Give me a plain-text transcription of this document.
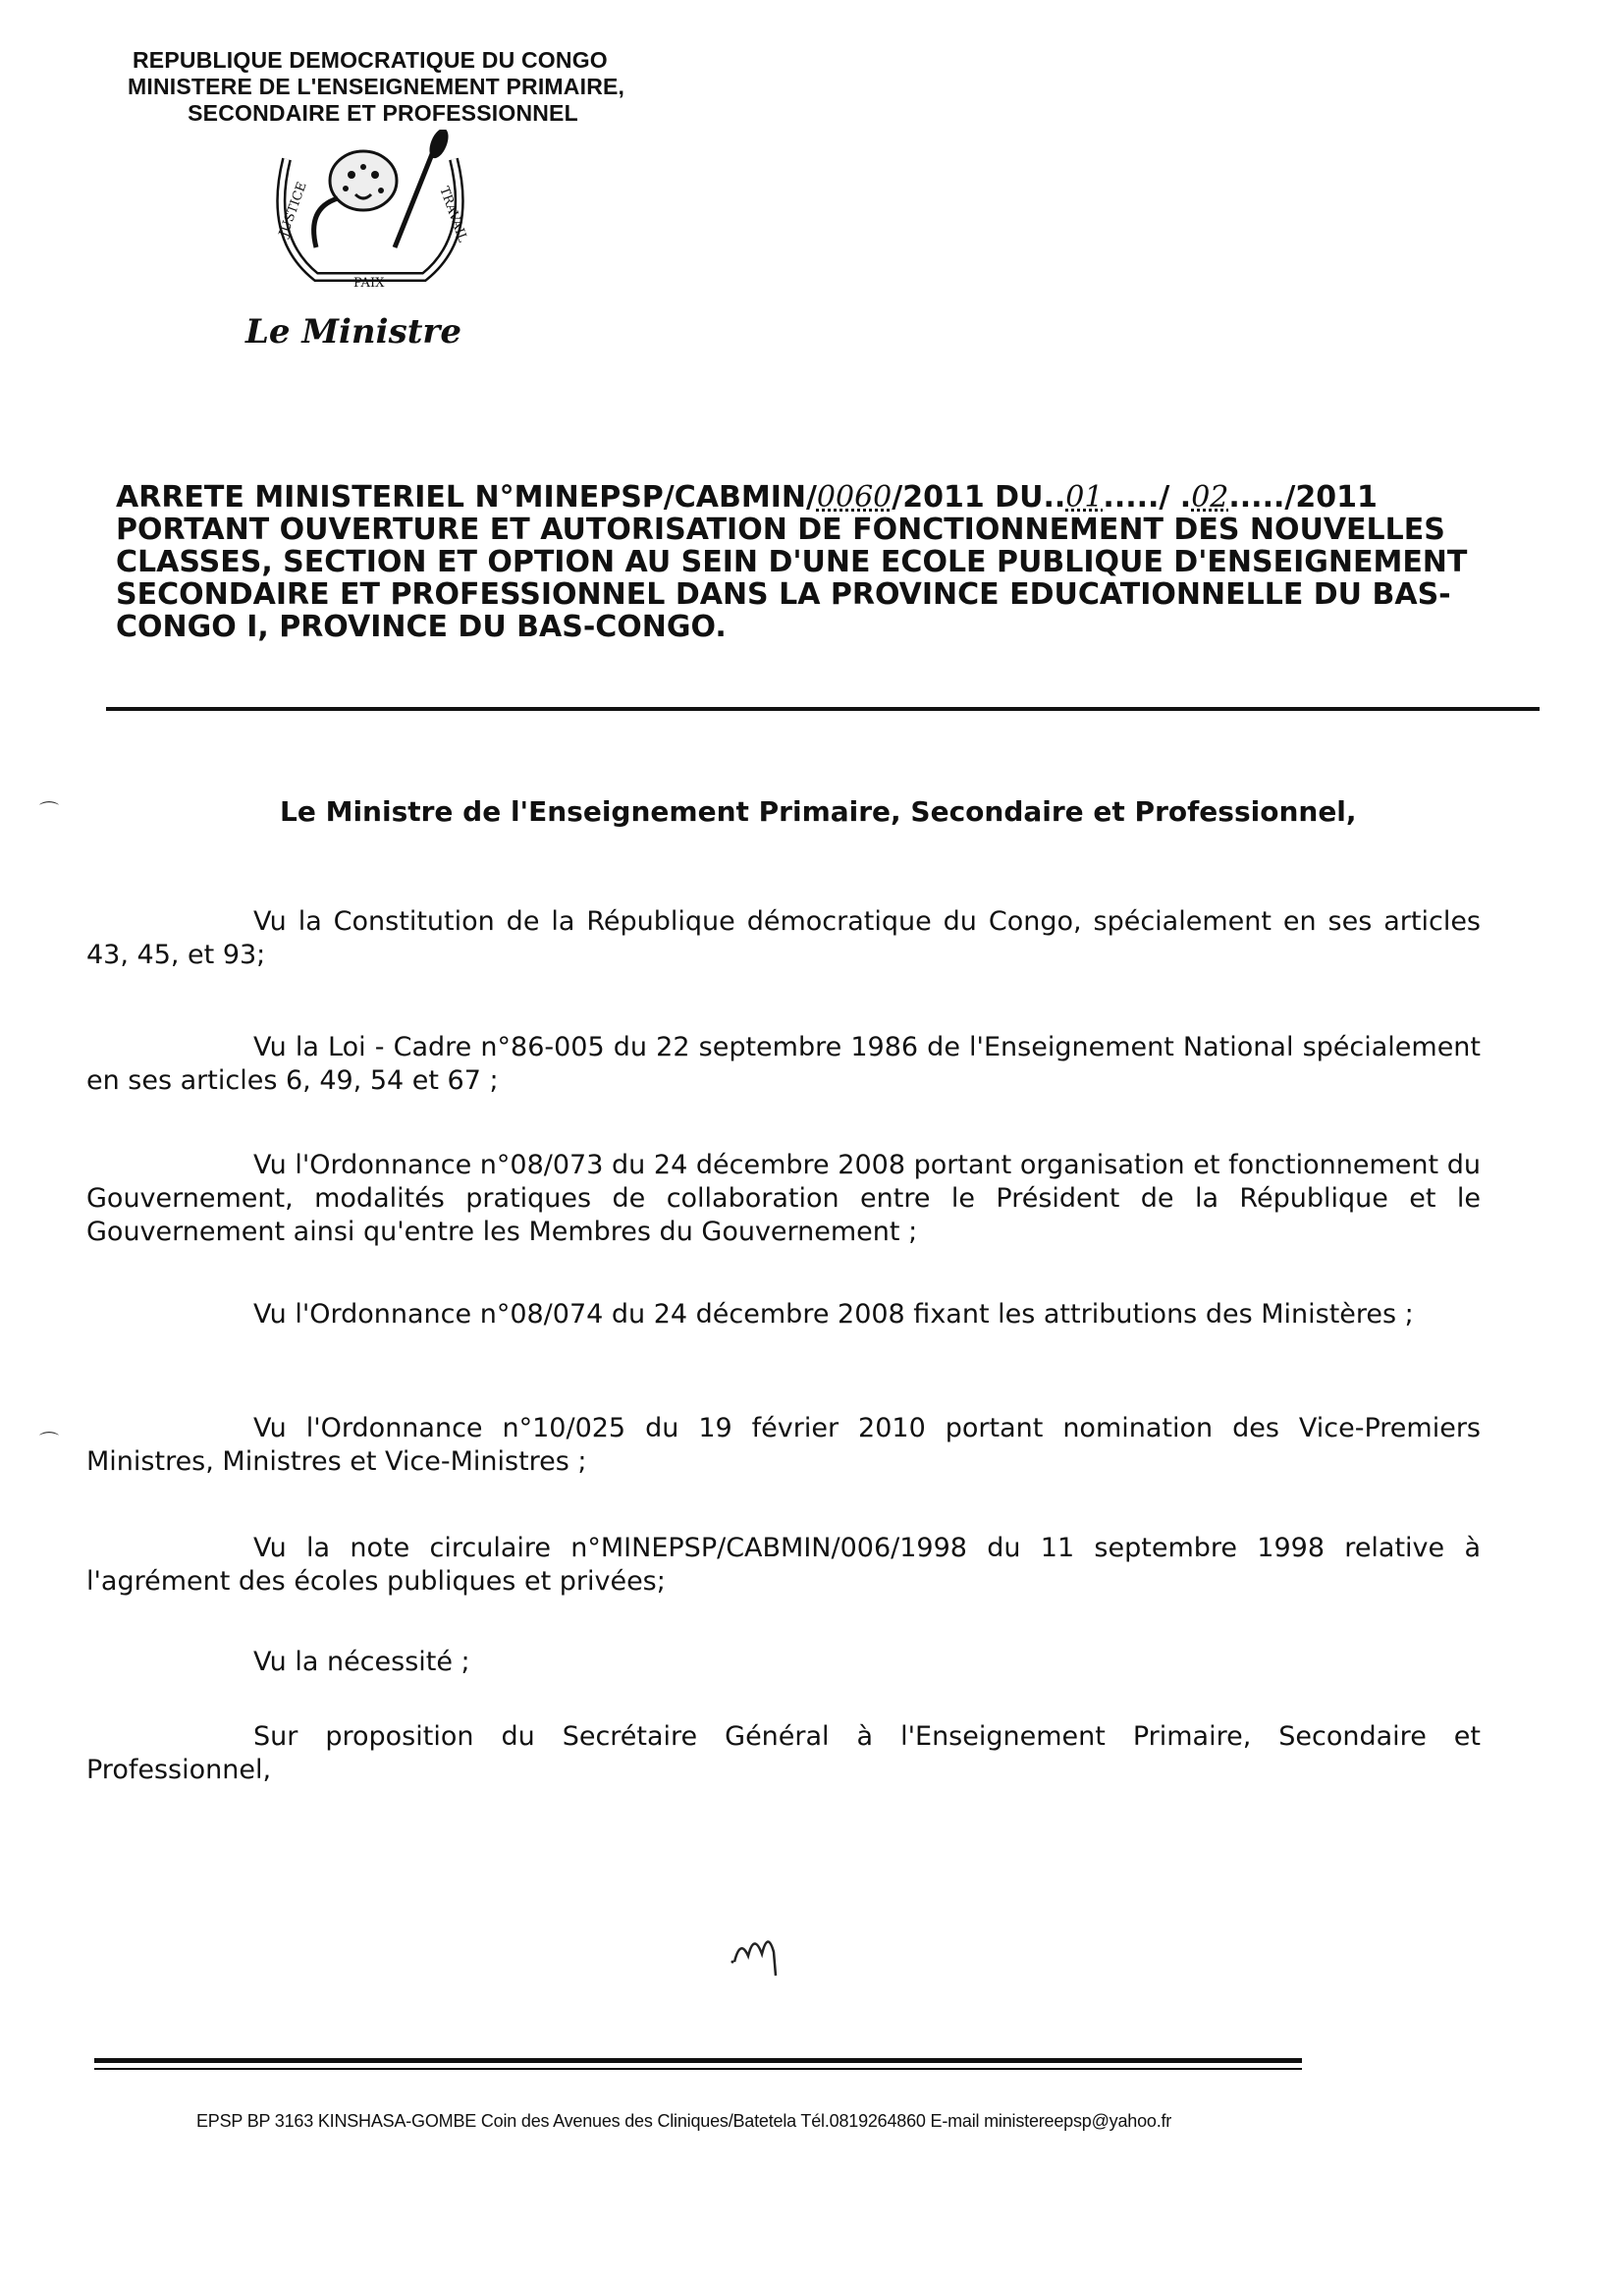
REPUBLIQUE DEMOCRATIQUE DU CONGO
MINISTERE DE L'ENSEIGNEMENT PRIMAIRE,
SECONDAIRE ET PROFESSIONNEL
JUSTICE	TRAVAIL
PAIX
Le Ministre
ARRETE MINISTERIEL N°MINEPSP/CABMIN/0060/2011 DU..01...../ .02...../2011
PORTANT OUVERTURE ET AUTORISATION DE FONCTIONNEMENT DES NOUVELLES
CLASSES, SECTION ET OPTION AU SEIN D'UNE ECOLE PUBLIQUE D'ENSEIGNEMENT
SECONDAIRE ET PROFESSIONNEL DANS LA PROVINCE EDUCATIONNELLE DU BAS-
CONGO I, PROVINCE DU BAS-CONGO.
⌒
⌒
Le Ministre de l'Enseignement Primaire, Secondaire et Professionnel,
Vu la Constitution de la République démocratique du Congo, spécialement en ses articles 43, 45, et 93;
Vu la Loi - Cadre n°86-005 du 22 septembre 1986 de l'Enseignement National spécialement en ses articles 6, 49, 54 et 67 ;
Vu l'Ordonnance n°08/073 du 24 décembre 2008 portant organisation et fonctionnement du Gouvernement, modalités pratiques de collaboration entre le Président de la République et le Gouvernement ainsi qu'entre les Membres du Gouvernement ;
Vu l'Ordonnance n°08/074 du 24 décembre 2008 fixant les attributions des Ministères ;
Vu l'Ordonnance n°10/025 du 19 février 2010 portant nomination des Vice-Premiers Ministres, Ministres et Vice-Ministres ;
Vu la note circulaire n°MINEPSP/CABMIN/006/1998 du 11 septembre 1998 relative à l'agrément des écoles publiques et privées;
Vu la nécessité ;
Sur proposition du Secrétaire Général à l'Enseignement Primaire, Secondaire et Professionnel,
EPSP BP 3163 KINSHASA-GOMBE Coin des Avenues des Cliniques/Batetela Tél.0819264860 E-mail ministereepsp@yahoo.fr
